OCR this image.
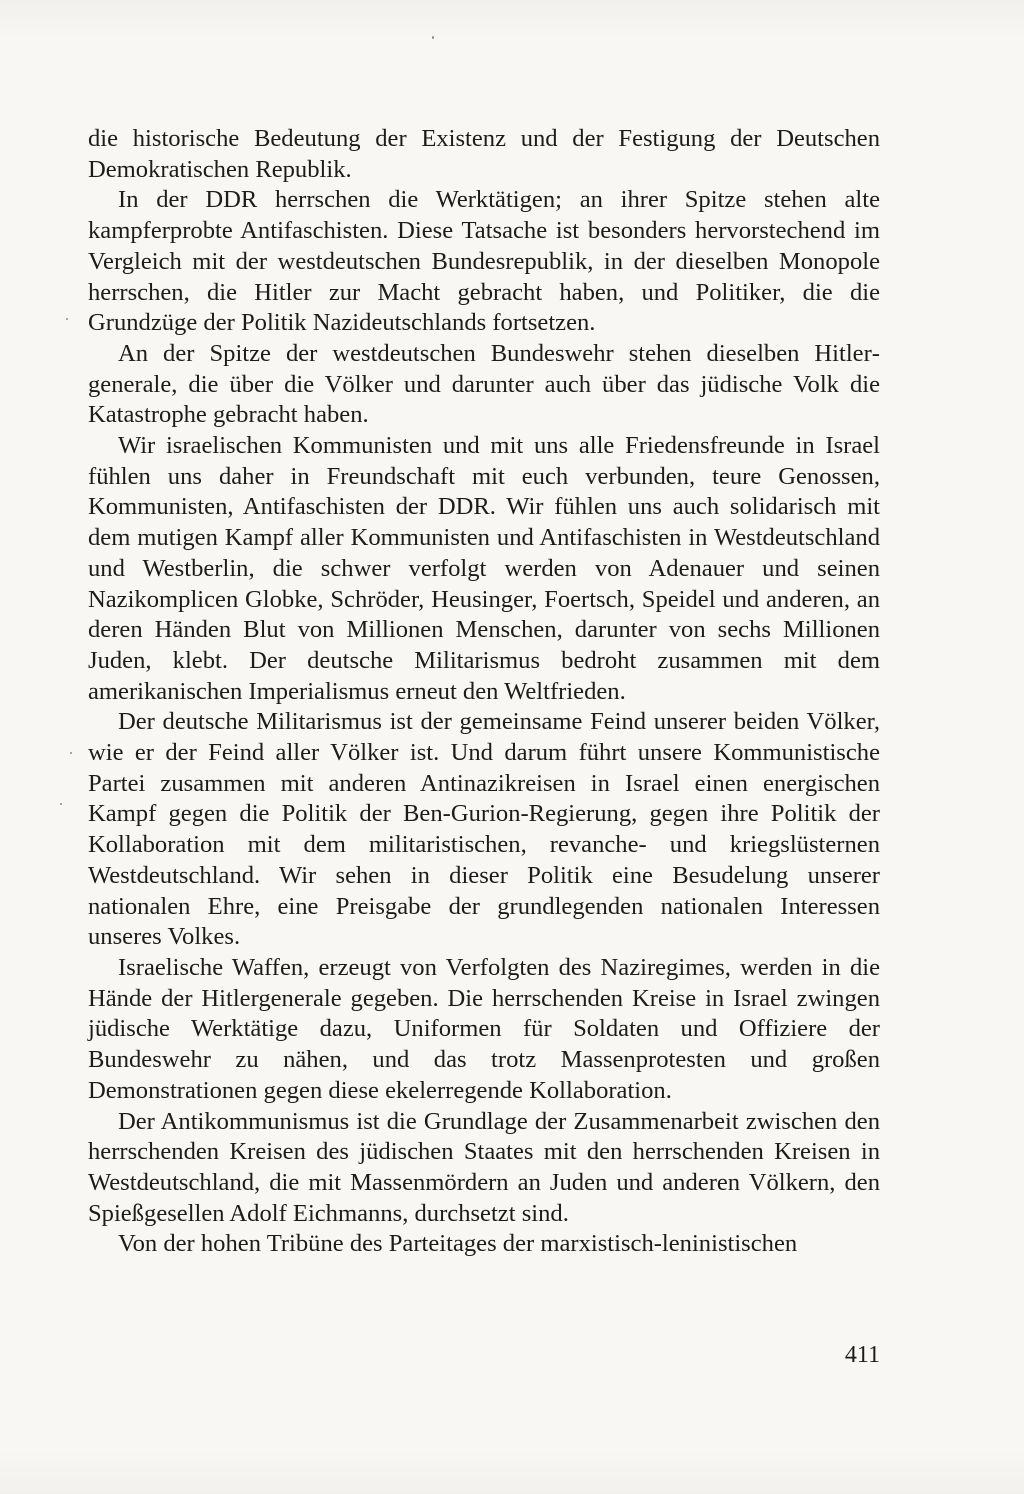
die historische Bedeutung der Existenz und der Festigung der Deutschen Demokratischen Republik.

In der DDR herrschen die Werktätigen; an ihrer Spitze stehen alte kampferprobte Antifaschisten. Diese Tatsache ist besonders hervorstechend im Vergleich mit der westdeutschen Bundesrepublik, in der dieselben Monopole herrschen, die Hitler zur Macht gebracht haben, und Politiker, die die Grundzüge der Politik Nazideutschlands fortsetzen.

An der Spitze der westdeutschen Bundeswehr stehen dieselben Hitlergenerale, die über die Völker und darunter auch über das jüdische Volk die Katastrophe gebracht haben.

Wir israelischen Kommunisten und mit uns alle Friedensfreunde in Israel fühlen uns daher in Freundschaft mit euch verbunden, teure Genossen, Kommunisten, Antifaschisten der DDR. Wir fühlen uns auch solidarisch mit dem mutigen Kampf aller Kommunisten und Antifaschisten in Westdeutschland und Westberlin, die schwer verfolgt werden von Adenauer und seinen Nazikomplicen Globke, Schröder, Heusinger, Foertsch, Speidel und anderen, an deren Händen Blut von Millionen Menschen, darunter von sechs Millionen Juden, klebt. Der deutsche Militarismus bedroht zusammen mit dem amerikanischen Imperialismus erneut den Weltfrieden.

Der deutsche Militarismus ist der gemeinsame Feind unserer beiden Völker, wie er der Feind aller Völker ist. Und darum führt unsere Kommunistische Partei zusammen mit anderen Antinazikreisen in Israel einen energischen Kampf gegen die Politik der Ben-Gurion-Regierung, gegen ihre Politik der Kollaboration mit dem militaristischen, revanche- und kriegslüsternen Westdeutschland. Wir sehen in dieser Politik eine Besudelung unserer nationalen Ehre, eine Preisgabe der grundlegenden nationalen Interessen unseres Volkes.

Israelische Waffen, erzeugt von Verfolgten des Naziregimes, werden in die Hände der Hitlergenerale gegeben. Die herrschenden Kreise in Israel zwingen jüdische Werktätige dazu, Uniformen für Soldaten und Offiziere der Bundeswehr zu nähen, und das trotz Massenprotesten und großen Demonstrationen gegen diese ekelerregende Kollaboration.

Der Antikommunismus ist die Grundlage der Zusammenarbeit zwischen den herrschenden Kreisen des jüdischen Staates mit den herrschenden Kreisen in Westdeutschland, die mit Massenmördern an Juden und anderen Völkern, den Spießgesellen Adolf Eichmanns, durchsetzt sind.

Von der hohen Tribüne des Parteitages der marxistisch-leninistischen

411
